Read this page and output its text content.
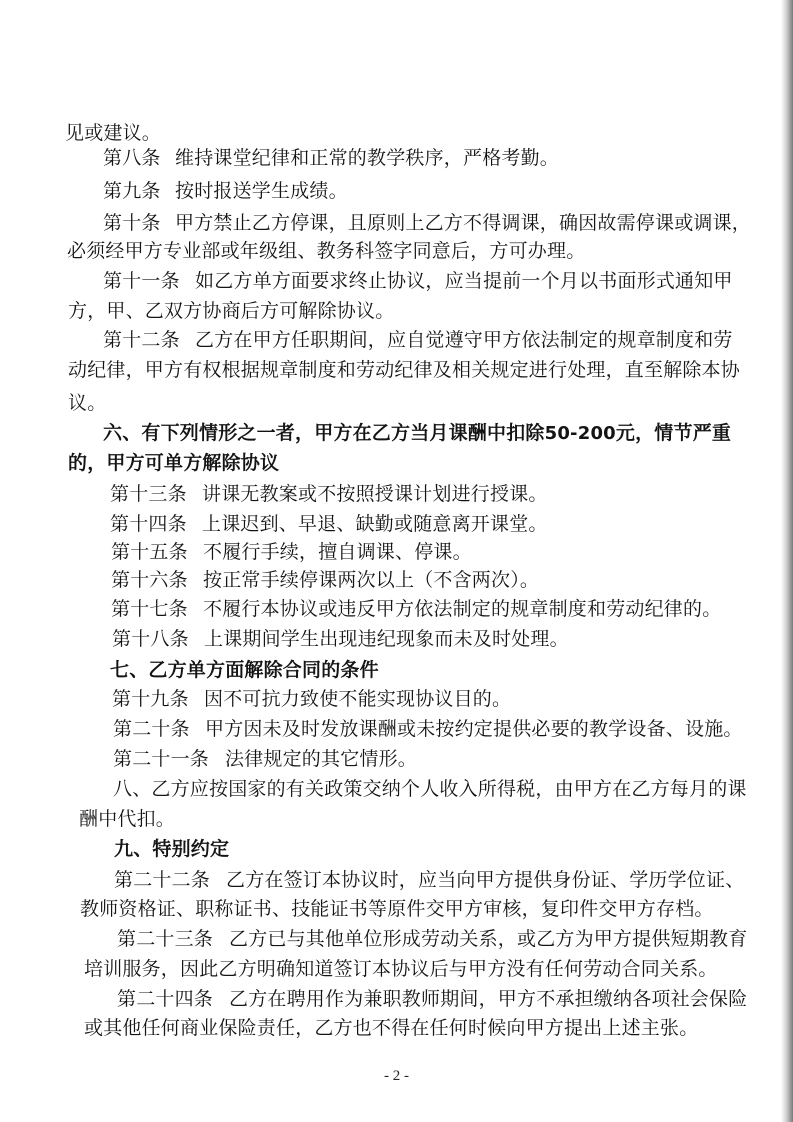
见或建议。
第八条 维持课堂纪律和正常的教学秩序，严格考勤。
第九条 按时报送学生成绩。
第十条 甲方禁止乙方停课，且原则上乙方不得调课，确因故需停课或调课，
必须经甲方专业部或年级组、教务科签字同意后，方可办理。
第十一条 如乙方单方面要求终止协议，应当提前一个月以书面形式通知甲
方，甲、乙双方协商后方可解除协议。
第十二条 乙方在甲方任职期间，应自觉遵守甲方依法制定的规章制度和劳
动纪律，甲方有权根据规章制度和劳动纪律及相关规定进行处理，直至解除本协
议。
六、有下列情形之一者，甲方在乙方当月课酬中扣除50-200元，情节严重
的，甲方可单方解除协议
第十三条 讲课无教案或不按照授课计划进行授课。
第十四条 上课迟到、早退、缺勤或随意离开课堂。
第十五条 不履行手续，擅自调课、停课。
第十六条 按正常手续停课两次以上（不含两次）。
第十七条 不履行本协议或违反甲方依法制定的规章制度和劳动纪律的。
第十八条 上课期间学生出现违纪现象而未及时处理。
七、乙方单方面解除合同的条件
第十九条 因不可抗力致使不能实现协议目的。
第二十条 甲方因未及时发放课酬或未按约定提供必要的教学设备、设施。
第二十一条 法律规定的其它情形。
八、乙方应按国家的有关政策交纳个人收入所得税，由甲方在乙方每月的课
酬中代扣。
九、特别约定
第二十二条 乙方在签订本协议时，应当向甲方提供身份证、学历学位证、
教师资格证、职称证书、技能证书等原件交甲方审核，复印件交甲方存档。
第二十三条 乙方已与其他单位形成劳动关系，或乙方为甲方提供短期教育
培训服务，因此乙方明确知道签订本协议后与甲方没有任何劳动合同关系。
第二十四条 乙方在聘用作为兼职教师期间，甲方不承担缴纳各项社会保险
或其他任何商业保险责任，乙方也不得在任何时候向甲方提出上述主张。
- 2 -
